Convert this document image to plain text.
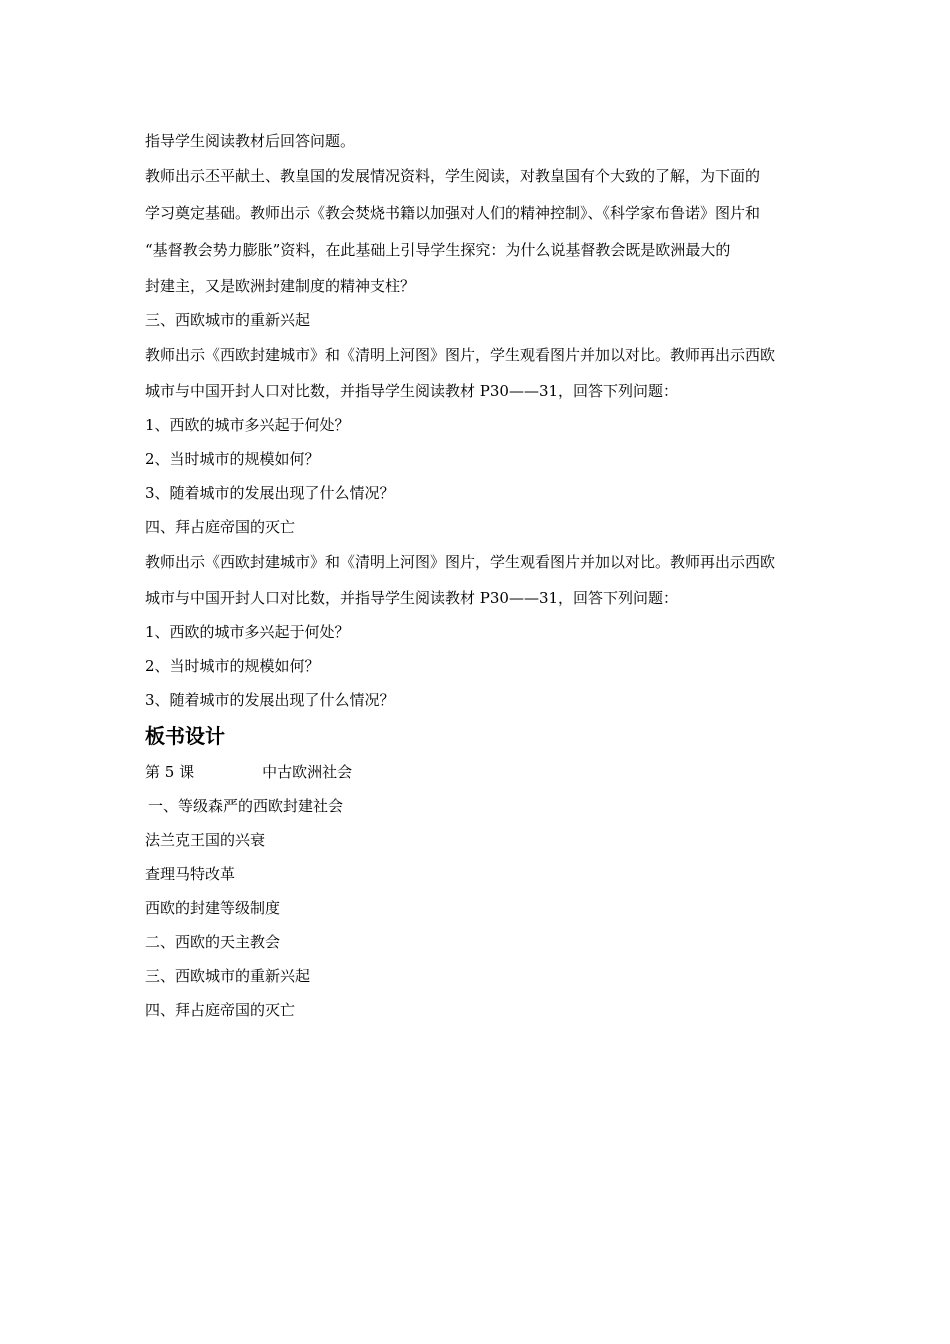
指导学生阅读教材后回答问题。

教师出示丕平献土、教皇国的发展情况资料，学生阅读，对教皇国有个大致的了解，为下面的

学习奠定基础。教师出示《教会焚烧书籍以加强对人们的精神控制》、《科学家布鲁诺》图片和

“基督教会势力膨胀”资料，在此基础上引导学生探究：为什么说基督教会既是欧洲最大的

封建主，又是欧洲封建制度的精神支柱？

三、西欧城市的重新兴起

教师出示《西欧封建城市》和《清明上河图》图片，学生观看图片并加以对比。教师再出示西欧

城市与中国开封人口对比数，并指导学生阅读教材 P30——31，回答下列问题：

1、西欧的城市多兴起于何处？

2、当时城市的规模如何？

3、随着城市的发展出现了什么情况？

四、拜占庭帝国的灭亡

教师出示《西欧封建城市》和《清明上河图》图片，学生观看图片并加以对比。教师再出示西欧

城市与中国开封人口对比数，并指导学生阅读教材 P30——31，回答下列问题：

1、西欧的城市多兴起于何处？

2、当时城市的规模如何？

3、随着城市的发展出现了什么情况？

板书设计

第 5 课	中古欧洲社会

一、等级森严的西欧封建社会

法兰克王国的兴衰

查理马特改革

西欧的封建等级制度

二、西欧的天主教会

三、西欧城市的重新兴起

四、拜占庭帝国的灭亡
